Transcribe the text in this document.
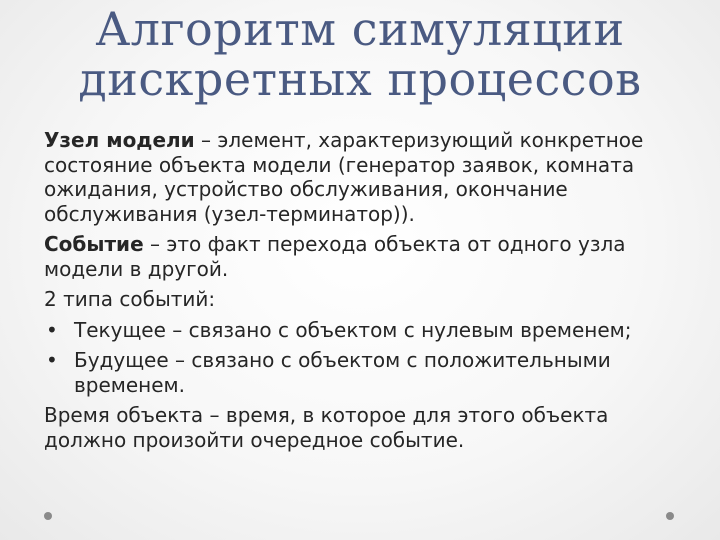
Алгоритм симуляции
дискретных процессов

Узел модели – элемент, характеризующий конкретное состояние объекта модели (генератор заявок, комната ожидания, устройство обслуживания, окончание обслуживания (узел-терминатор)).

Событие – это факт перехода объекта от одного узла модели в другой.

2 типа событий:

• Текущее – связано с объектом с нулевым временем;
• Будущее – связано с объектом с положительными временем.

Время объекта – время, в которое для этого объекта должно произойти очередное событие.
